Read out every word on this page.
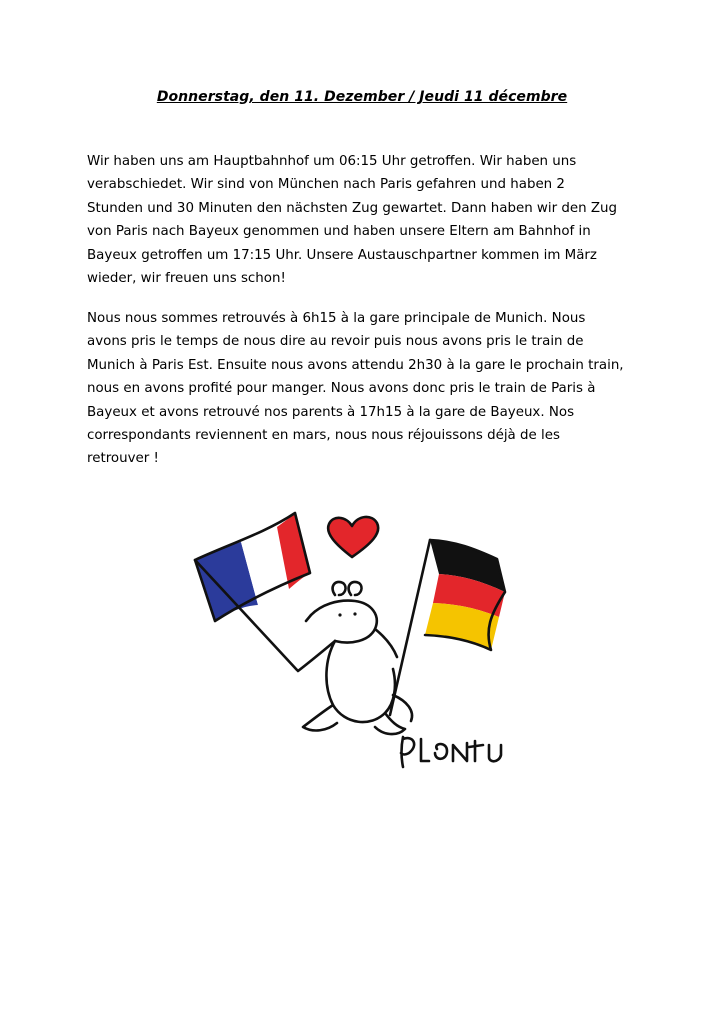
Donnerstag, den 11. Dezember / Jeudi 11 décembre

Wir haben uns am Hauptbahnhof um 06:15 Uhr getroffen. Wir haben uns
verabschiedet. Wir sind von München nach Paris gefahren und haben 2
Stunden und 30 Minuten den nächsten Zug gewartet. Dann haben wir den Zug
von Paris nach Bayeux genommen und haben unsere Eltern am Bahnhof in
Bayeux getroffen um 17:15 Uhr. Unsere Austauschpartner kommen im März
wieder, wir freuen uns schon!

Nous nous sommes retrouvés à 6h15 à la gare principale de Munich. Nous
avons pris le temps de nous dire au revoir puis nous avons pris le train de
Munich à Paris Est. Ensuite nous avons attendu 2h30 à la gare le prochain train,
nous en avons profité pour manger. Nous avons donc pris le train de Paris à
Bayeux et avons retrouvé nos parents à 17h15 à la gare de Bayeux. Nos
correspondants reviennent en mars, nous nous réjouissons déjà de les
retrouver !
